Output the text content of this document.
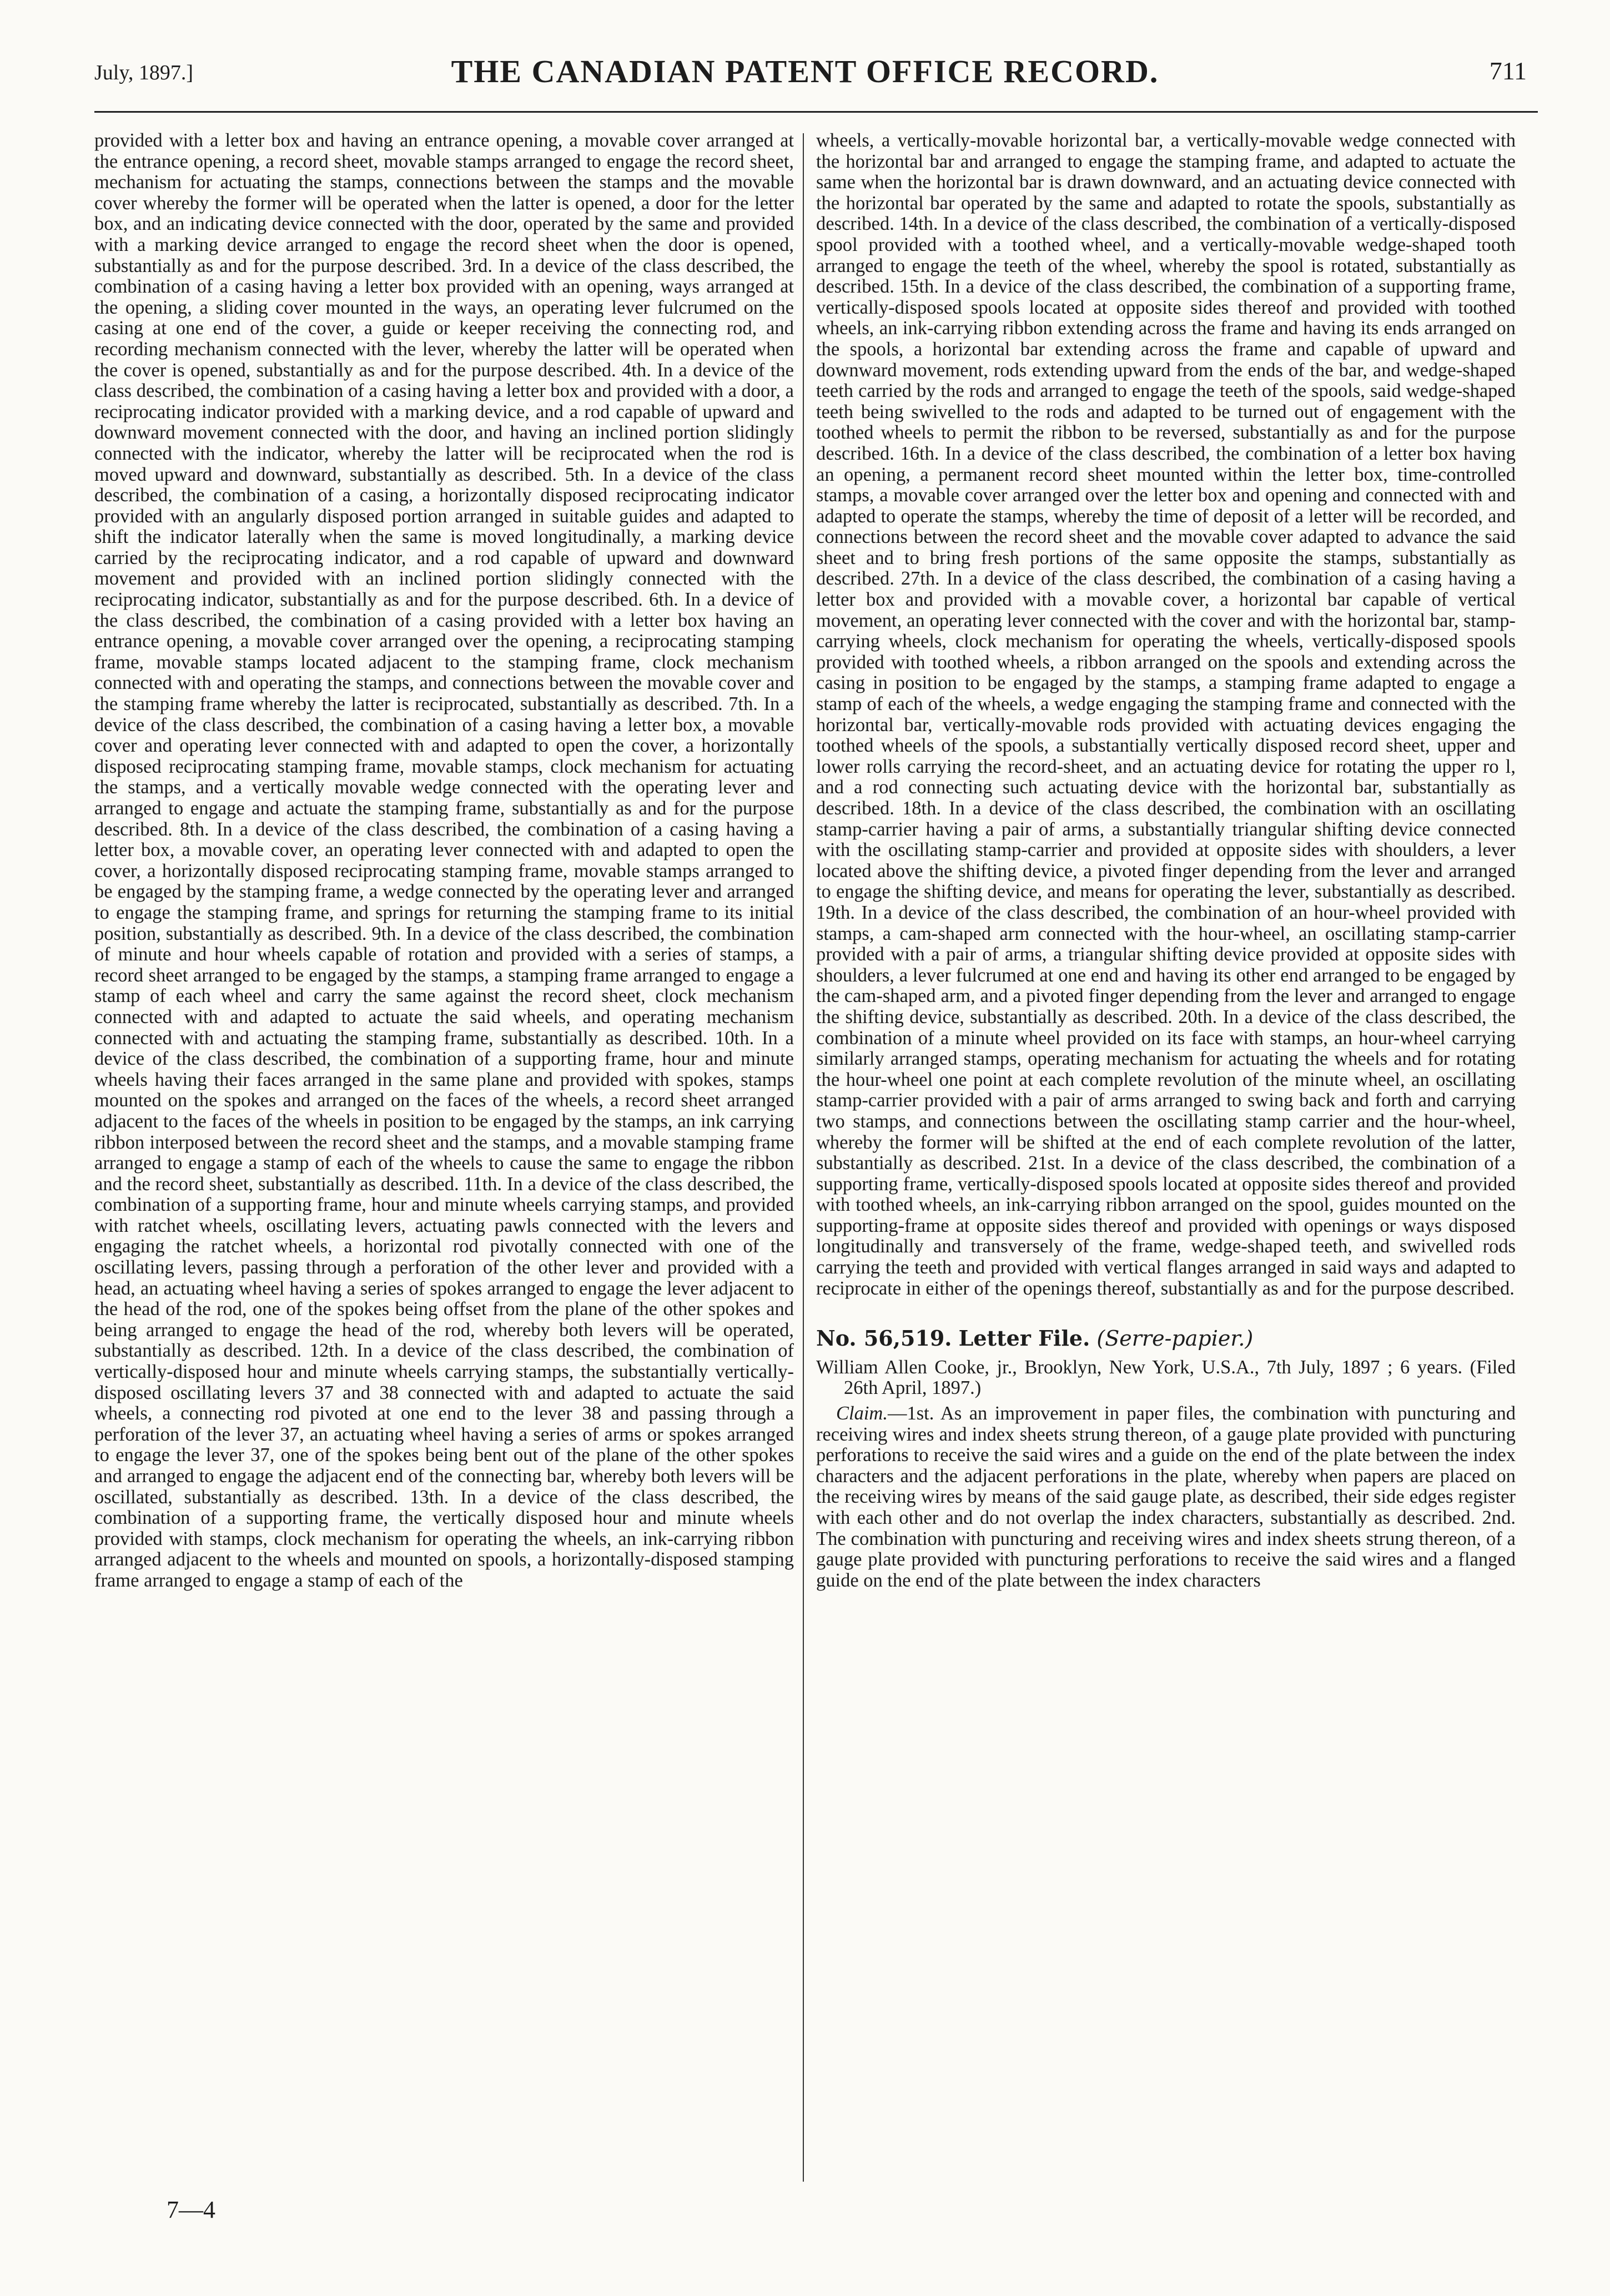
July, 1897.]	THE CANADIAN PATENT OFFICE RECORD.	711

provided with a letter box and having an entrance opening, a movable cover arranged at the entrance opening, a record sheet, movable stamps arranged to engage the record sheet, mechanism for actuating the stamps, connections between the stamps and the movable cover whereby the former will be operated when the latter is opened, a door for the letter box, and an indicating device connected with the door, operated by the same and provided with a marking device arranged to engage the record sheet when the door is opened, substantially as and for the purpose described. 3rd. In a device of the class described, the combination of a casing having a letter box provided with an opening, ways arranged at the opening, a sliding cover mounted in the ways, an operating lever fulcrumed on the casing at one end of the cover, a guide or keeper receiving the connecting rod, and recording mechanism connected with the lever, whereby the latter will be operated when the cover is opened, substantially as and for the purpose described. 4th. In a device of the class described, the combination of a casing having a letter box and provided with a door, a reciprocating indicator provided with a marking device, and a rod capable of upward and downward movement connected with the door, and having an inclined portion slidingly connected with the indicator, whereby the latter will be reciprocated when the rod is moved upward and downward, substantially as described. 5th. In a device of the class described, the combination of a casing, a horizontally disposed reciprocating indicator provided with an angularly disposed portion arranged in suitable guides and adapted to shift the indicator laterally when the same is moved longitudinally, a marking device carried by the reciprocating indicator, and a rod capable of upward and downward movement and provided with an inclined portion slidingly connected with the reciprocating indicator, substantially as and for the purpose described. 6th. In a device of the class described, the combination of a casing provided with a letter box having an entrance opening, a movable cover arranged over the opening, a reciprocating stamping frame, movable stamps located adjacent to the stamping frame, clock mechanism connected with and operating the stamps, and connections between the movable cover and the stamping frame whereby the latter is reciprocated, substantially as described. 7th. In a device of the class described, the combination of a casing having a letter box, a movable cover and operating lever connected with and adapted to open the cover, a horizontally disposed reciprocating stamping frame, movable stamps, clock mechanism for actuating the stamps, and a vertically movable wedge connected with the operating lever and arranged to engage and actuate the stamping frame, substantially as and for the purpose described. 8th. In a device of the class described, the combination of a casing having a letter box, a movable cover, an operating lever connected with and adapted to open the cover, a horizontally disposed reciprocating stamping frame, movable stamps arranged to be engaged by the stamping frame, a wedge connected by the operating lever and arranged to engage the stamping frame, and springs for returning the stamping frame to its initial position, substantially as described. 9th. In a device of the class described, the combination of minute and hour wheels capable of rotation and provided with a series of stamps, a record sheet arranged to be engaged by the stamps, a stamping frame arranged to engage a stamp of each wheel and carry the same against the record sheet, clock mechanism connected with and adapted to actuate the said wheels, and operating mechanism connected with and actuating the stamping frame, substantially as described. 10th. In a device of the class described, the combination of a supporting frame, hour and minute wheels having their faces arranged in the same plane and provided with spokes, stamps mounted on the spokes and arranged on the faces of the wheels, a record sheet arranged adjacent to the faces of the wheels in position to be engaged by the stamps, an ink carrying ribbon interposed between the record sheet and the stamps, and a movable stamping frame arranged to engage a stamp of each of the wheels to cause the same to engage the ribbon and the record sheet, substantially as described. 11th. In a device of the class described, the combination of a supporting frame, hour and minute wheels carrying stamps, and provided with ratchet wheels, oscillating levers, actuating pawls connected with the levers and engaging the ratchet wheels, a horizontal rod pivotally connected with one of the oscillating levers, passing through a perforation of the other lever and provided with a head, an actuating wheel having a series of spokes arranged to engage the lever adjacent to the head of the rod, one of the spokes being offset from the plane of the other spokes and being arranged to engage the head of the rod, whereby both levers will be operated, substantially as described. 12th. In a device of the class described, the combination of vertically-disposed hour and minute wheels carrying stamps, the substantially vertically-disposed oscillating levers 37 and 38 connected with and adapted to actuate the said wheels, a connecting rod pivoted at one end to the lever 38 and passing through a perforation of the lever 37, an actuating wheel having a series of arms or spokes arranged to engage the lever 37, one of the spokes being bent out of the plane of the other spokes and arranged to engage the adjacent end of the connecting bar, whereby both levers will be oscillated, substantially as described. 13th. In a device of the class described, the combination of a supporting frame, the vertically disposed hour and minute wheels provided with stamps, clock mechanism for operating the wheels, an ink-carrying ribbon arranged adjacent to the wheels and mounted on spools, a horizontally-disposed stamping frame arranged to engage a stamp of each of the

wheels, a vertically-movable horizontal bar, a vertically-movable wedge connected with the horizontal bar and arranged to engage the stamping frame, and adapted to actuate the same when the horizontal bar is drawn downward, and an actuating device connected with the horizontal bar operated by the same and adapted to rotate the spools, substantially as described. 14th. In a device of the class described, the combination of a vertically-disposed spool provided with a toothed wheel, and a vertically-movable wedge-shaped tooth arranged to engage the teeth of the wheel, whereby the spool is rotated, substantially as described. 15th. In a device of the class described, the combination of a supporting frame, vertically-disposed spools located at opposite sides thereof and provided with toothed wheels, an ink-carrying ribbon extending across the frame and having its ends arranged on the spools, a horizontal bar extending across the frame and capable of upward and downward movement, rods extending upward from the ends of the bar, and wedge-shaped teeth carried by the rods and arranged to engage the teeth of the spools, said wedge-shaped teeth being swivelled to the rods and adapted to be turned out of engagement with the toothed wheels to permit the ribbon to be reversed, substantially as and for the purpose described. 16th. In a device of the class described, the combination of a letter box having an opening, a permanent record sheet mounted within the letter box, time-controlled stamps, a movable cover arranged over the letter box and opening and connected with and adapted to operate the stamps, whereby the time of deposit of a letter will be recorded, and connections between the record sheet and the movable cover adapted to advance the said sheet and to bring fresh portions of the same opposite the stamps, substantially as described. 27th. In a device of the class described, the combination of a casing having a letter box and provided with a movable cover, a horizontal bar capable of vertical movement, an operating lever connected with the cover and with the horizontal bar, stamp-carrying wheels, clock mechanism for operating the wheels, vertically-disposed spools provided with toothed wheels, a ribbon arranged on the spools and extending across the casing in position to be engaged by the stamps, a stamping frame adapted to engage a stamp of each of the wheels, a wedge engaging the stamping frame and connected with the horizontal bar, vertically-movable rods provided with actuating devices engaging the toothed wheels of the spools, a substantially vertically disposed record sheet, upper and lower rolls carrying the record-sheet, and an actuating device for rotating the upper ro l, and a rod connecting such actuating device with the horizontal bar, substantially as described. 18th. In a device of the class described, the combination with an oscillating stamp-carrier having a pair of arms, a substantially triangular shifting device connected with the oscillating stamp-carrier and provided at opposite sides with shoulders, a lever located above the shifting device, a pivoted finger depending from the lever and arranged to engage the shifting device, and means for operating the lever, substantially as described. 19th. In a device of the class described, the combination of an hour-wheel provided with stamps, a cam-shaped arm connected with the hour-wheel, an oscillating stamp-carrier provided with a pair of arms, a triangular shifting device provided at opposite sides with shoulders, a lever fulcrumed at one end and having its other end arranged to be engaged by the cam-shaped arm, and a pivoted finger depending from the lever and arranged to engage the shifting device, substantially as described. 20th. In a device of the class described, the combination of a minute wheel provided on its face with stamps, an hour-wheel carrying similarly arranged stamps, operating mechanism for actuating the wheels and for rotating the hour-wheel one point at each complete revolution of the minute wheel, an oscillating stamp-carrier provided with a pair of arms arranged to swing back and forth and carrying two stamps, and connections between the oscillating stamp carrier and the hour-wheel, whereby the former will be shifted at the end of each complete revolution of the latter, substantially as described. 21st. In a device of the class described, the combination of a supporting frame, vertically-disposed spools located at opposite sides thereof and provided with toothed wheels, an ink-carrying ribbon arranged on the spool, guides mounted on the supporting-frame at opposite sides thereof and provided with openings or ways disposed longitudinally and transversely of the frame, wedge-shaped teeth, and swivelled rods carrying the teeth and provided with vertical flanges arranged in said ways and adapted to reciprocate in either of the openings thereof, substantially as and for the purpose described.

No. 56,519. Letter File. (Serre-papier.)

William Allen Cooke, jr., Brooklyn, New York, U.S.A., 7th July, 1897 ; 6 years. (Filed 26th April, 1897.)

Claim.—1st. As an improvement in paper files, the combination with puncturing and receiving wires and index sheets strung thereon, of a gauge plate provided with puncturing perforations to receive the said wires and a guide on the end of the plate between the index characters and the adjacent perforations in the plate, whereby when papers are placed on the receiving wires by means of the said gauge plate, as described, their side edges register with each other and do not overlap the index characters, substantially as described. 2nd. The combination with puncturing and receiving wires and index sheets strung thereon, of a gauge plate provided with puncturing perforations to receive the said wires and a flanged guide on the end of the plate between the index characters

7—4
